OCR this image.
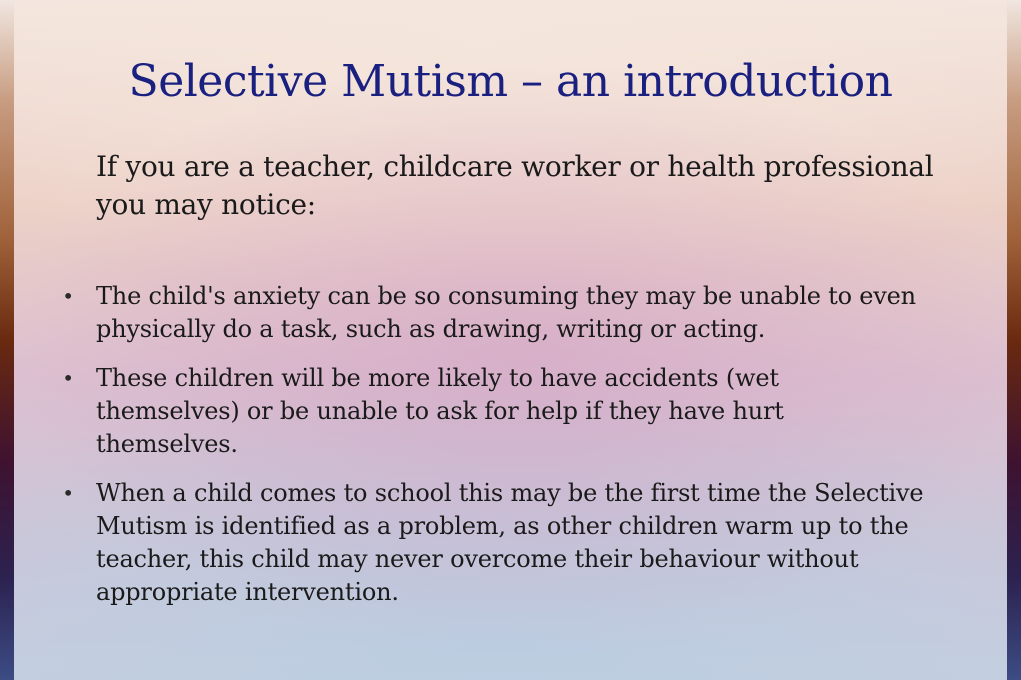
Selective Mutism – an introduction

If you are a teacher, childcare worker or health professional you may notice:

• The child's anxiety can be so consuming they may be unable to even physically do a task, such as drawing, writing or acting.
• These children will be more likely to have accidents (wet themselves) or be unable to ask for help if they have hurt themselves.
• When a child comes to school this may be the first time the Selective Mutism is identified as a problem, as other children warm up to the teacher, this child may never overcome their behaviour without appropriate intervention.
